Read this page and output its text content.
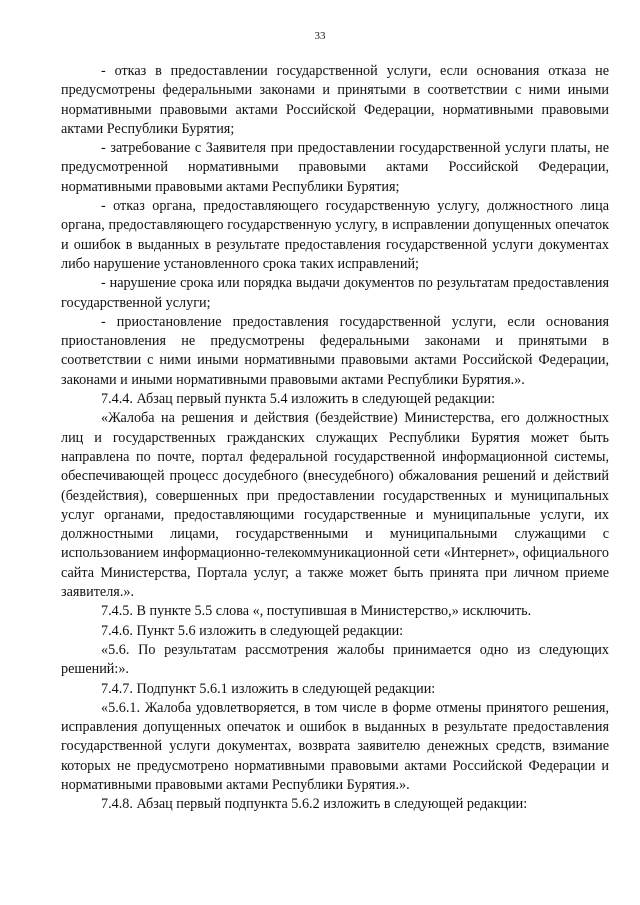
33

- отказ в предоставлении государственной услуги, если основания отказа не предусмотрены федеральными законами и принятыми в соответствии с ними иными нормативными правовыми актами Российской Федерации, нормативными правовыми актами Республики Бурятия;

- затребование с Заявителя при предоставлении государственной услуги платы, не предусмотренной нормативными правовыми актами Российской Федерации, нормативными правовыми актами Республики Бурятия;

- отказ органа, предоставляющего государственную услугу, должностного лица органа, предоставляющего государственную услугу, в исправлении допущенных опечаток и ошибок в выданных в результате предоставления государственной услуги документах либо нарушение установленного срока таких исправлений;

- нарушение срока или порядка выдачи документов по результатам предоставления государственной услуги;

- приостановление предоставления государственной услуги, если основания приостановления не предусмотрены федеральными законами и принятыми в соответствии с ними иными нормативными правовыми актами Российской Федерации, законами и иными нормативными правовыми актами Республики Бурятия.».

7.4.4. Абзац первый пункта 5.4 изложить в следующей редакции:

«Жалоба на решения и действия (бездействие) Министерства, его должностных лиц и государственных гражданских служащих Республики Бурятия может быть направлена по почте, портал федеральной государственной информационной системы, обеспечивающей процесс досудебного (внесудебного) обжалования решений и действий (бездействия), совершенных при предоставлении государственных и муниципальных услуг органами, предоставляющими государственные и муниципальные услуги, их должностными лицами, государственными и муниципальными служащими с использованием информационно-телекоммуникационной сети «Интернет», официального сайта Министерства, Портала услуг, а также может быть принята при личном приеме заявителя.».

7.4.5. В пункте 5.5 слова «, поступившая в Министерство,» исключить.

7.4.6. Пункт 5.6 изложить в следующей редакции:

«5.6. По результатам рассмотрения жалобы принимается одно из следующих решений:».

7.4.7. Подпункт 5.6.1 изложить в следующей редакции:

«5.6.1. Жалоба удовлетворяется, в том числе в форме отмены принятого решения, исправления допущенных опечаток и ошибок в выданных в результате предоставления государственной услуги документах, возврата заявителю денежных средств, взимание которых не предусмотрено нормативными правовыми актами Российской Федерации и нормативными правовыми актами Республики Бурятия.».

7.4.8. Абзац первый подпункта 5.6.2 изложить в следующей редакции:
